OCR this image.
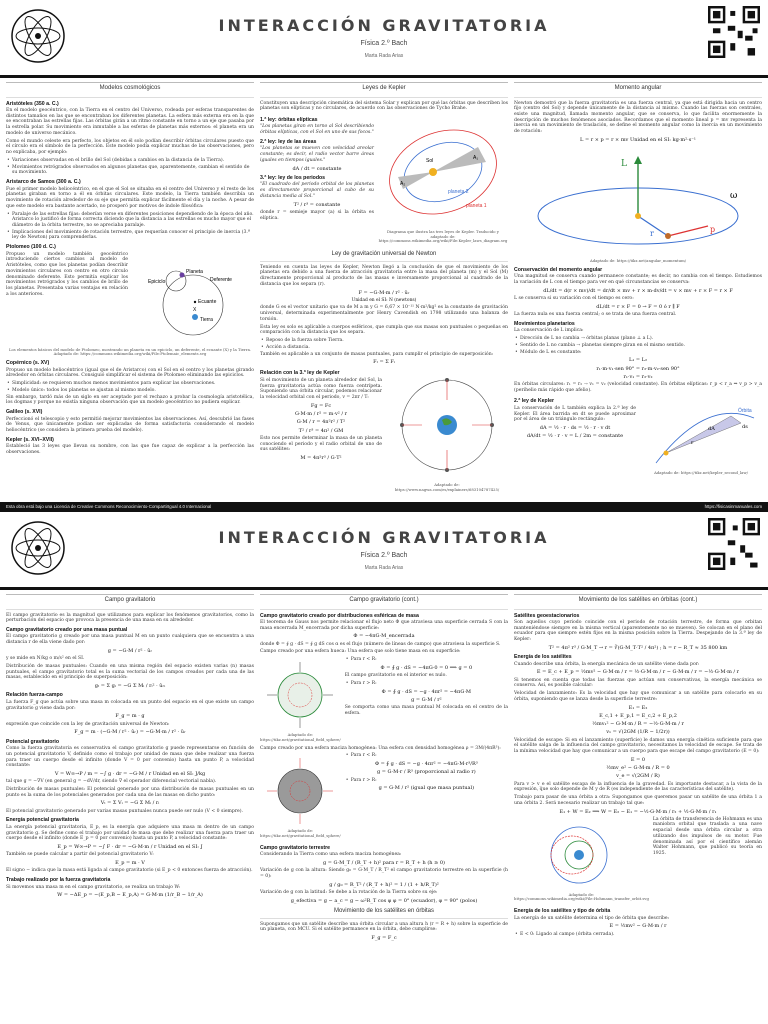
INTERACCIÓN GRAVITATORIA
Física 2.º Bach
Marta Rada Arias
Modelos cosmológicos
Aristóteles (350 a. C.)
En el modelo geocéntrico, con la Tierra en el centro del Universo, rodeada por esferas transparentes de distintos tamaños en las que se encontraban los diferentes planetas. La esfera más externa era en la que se encontraban las estrellas fijas. Las órbitas girán a un ritmo constante en torno a un eje que pasaba por la estrella polar. Su movimiento era inmutable a las esferas de planetas más externos: el planeta era un modelo de universo mecánico.
Como el mundo celeste era perfecto, los objetos en él solo podían describir órbitas circulares puesto que el círculo era el símbolo de la perfección. Este modelo podía explicar muchas de las observaciones, pero no explicaba, por ejemplo:
• Variaciones observadas en el brillo del Sol (debidas a cambios en la distancia de la Tierra).
• Movimientos retrógrados observados en algunos planetas que, aparentemente, cambian el sentido de su movimiento.
Aristarco de Samos (300 a. C.)
Fue el primer modelo heliocéntrico, en el que el Sol se situaba en el centro del Universo y el resto de los planetas giraban en torno a él en órbitas circulares. Este modelo, la Tierra también describía un movimiento de rotación alrededor de su eje que permitía explicar fácilmente el día y la noche. A pesar de que este modelo era bastante acertado, no prosperó por motivos de índole filosófica:
• Paralaje de las estrellas fijas: deberían verse en diferentes posiciones dependiendo de la época del año. Aristarco lo justificó de forma correcta diciendo que la distancia a las estrellas es mucho mayor que el diámetro de la órbita terrestre, no se apreciaba paralaje.
• Implicaciones del movimiento de rotación terrestre, que requerían conocer el principio de inercia (3.ª ley de Newton) para comprenderlas.
Ptolomeo (100 d. C.)
Propuso un modelo también geocéntrico introduciendo ciertos cambios al modelo de Aristóteles, como que los planetas podían describir movimientos circulares con centro en otro círculo denominado deferente. Esto permitía explicar los movimientos retrógrados y los cambios de brillo de los planetas. Presentaba varias ventajas en relación a los anteriores.
Planeta
Epiciclo	Deferente
Ecuante
X
Tierra
Los elementos básicos del modelo de Ptolomeo, mostrando un planeta en un epiciclo, un deferente, el ecuante (X) y la Tierra. Adaptado de: https://commons.wikimedia.org/wiki/File:Ptolemaic_elements.svg
Copérnico (s. XV)
Propuso un modelo heliocéntrico (igual que el de Aristarco) con el Sol en el centro y los planetas girando alrededor en órbitas circulares. Consiguió simplificar el sistema de Ptolomeo eliminando las epiciclos.
• Simplicidad: se requieren muchos menos movimientos para explicar las observaciones.
• Modelo único: todos los planetas se ajustan al mismo modelo.
Sin embargo, tardó más de un siglo en ser aceptado por el rechazo a probar la cosmología aristotélica, los dogmas y porque no existía ninguna observación que un modelo geocéntrico no pudiera explicar.
Galileo (s. XVI)
Perfeccionó el telescopio y esto permitió mejorar movimientos las observaciones. Así, descubrió las fases de Venus, que únicamente podían ser explicadas de forma satisfactoria considerando el modelo heliocéntrico (se considera la primera prueba del modelo).
Kepler (s. XVI–XVII)
Estableció las 3 leyes que llevan su nombre, con las que fue capaz de explicar a la perfección las observaciones.
Leyes de Kepler
Constituyen una descripción cinemática del sistema Solar y explican por qué las órbitas que describen los planetas son elípticas y no circulares, de acuerdo con las observaciones de Tycho Brahe.
1.ª ley: órbitas elípticas
"Los planetas giran en torno al Sol describiendo órbitas elípticas, con el Sol en uno de sus focos."
2.ª ley: ley de las áreas
"Los planetas se mueven con velocidad areolar constante; es decir, el radio vector barre áreas iguales en tiempos iguales."
dA / dt = constante
3.ª ley: ley de los periodos
"El cuadrado del periodo orbital de los planetas es directamente proporcional al cubo de su distancia media al Sol."
T² / r³ = constante
donde r = semieje mayor (a) si la órbita es elíptica.
Sol
planeta 1
planeta 2
A₁
A₂
Diagrama que ilustra las tres leyes de Kepler. Traducido y adaptado de: https://commons.wikimedia.org/wiki/File:Kepler_laws_diagram.svg
Ley de gravitación universal de Newton
Teniendo en cuenta las leyes de Kepler, Newton llegó a la conclusión de que el movimiento de los planetas era debido a una fuerza de atracción gravitatoria entre la masa del planeta (m) y el Sol (M) directamente proporcional al producto de las masas e inversamente proporcional al cuadrado de la distancia que los separa (r).
F = −G·M·m / r² · ûᵣ
Unidad en el SI: N (newtons)
donde G es el vector unitario que va de M a m y G = 6,67 × 10⁻¹¹ N·m²/kg² es la constante de gravitación universal, determinada experimentalmente por Henry Cavendish en 1798 utilizando una balanza de torsión.
Esta ley es solo es aplicable a cuerpos esféricos, que cumpla que sus masas son puntuales o pequeñas en comparación con la distancia que los separa.
• Reposo de la fuerza sobre Tierra.
• Acción a distancia.
También es aplicable a un conjunto de masas puntuales, para cumplir el principio de superposición:
Fₜ = Σ Fᵢ
Relación con la 3.ª ley de Kepler
Si el movimiento de un planeta alrededor del Sol, la fuerza gravitatoria actúa como fuerza centrípeta. Suponiendo una órbita circular, podemos relacionar la velocidad orbital con el periodo, v = 2πr / T:
Fg = Fc
G·M·m / r² = m·v² / r
G·M / r = 4π²r² / T²
T² / r³ = 4π² / GM
Esto nos permite determinar la masa de un planeta conociendo el periodo y el radio orbital de uno de sus satélites:
M = 4π²r³ / G·T²
Adaptado de: https://www.nagwa.com/es/explainers/683104787425/
Momento angular
Newton demostró que la fuerza gravitatoria es una fuerza central, ya que está dirigida hacia un centro fijo (centro del Sol) y depende únicamente de la distancia al mismo. Cuando las fuerzas son centrales, existe una magnitud, llamada momento angular, que se conserva, lo que facilita enormemente la descripción de muchos fenómenos asociados. Recordamos que el momento lineal p = mv representa la inercia en un movimiento de traslación, se define el momento angular como la inercia en un movimiento de rotación:
L = r × p = r × mv Unidad en el SI: kg·m²·s⁻¹
L
r	p
ω
Adaptado de: https://tikz.net/angular_momentum/
Conservación del momento angular
Una magnitud se conserva cuando permanece constante; es decir, no cambia con el tiempo. Estudiemos la variación de L con el tiempo para ver en qué circunstancias se conserva:
dL/dt = d(r × mv)/dt = dr/dt × mv + r × m·dv/dt = v × mv + r × F = r × F
L se conserva si su variación con el tiempo es cero:
dL/dt = r × F = 0 → F = 0 ó r ∥ F
La fuerza nula es una fuerza central; o se trata de una fuerza central.
Movimientos planetarios
La conservación de L implica:
• Dirección de L no cambia → órbitas planas (plano ⊥ a L).
• Sentido de L no cambia → planetas siempre giran en el mismo sentido.
• Módulo de L es constante:
L₁ = L₂
r₁·m·v₁·sen 90° = r₂·m·v₂·sen 90°
r₁·v₁ = r₂·v₂
En órbitas circulares: r₁ = r₂ → v₁ = v₂ (velocidad constante). En órbitas elípticas: r_p < r_a ⇒ v_p > v_a (perihelio más rápido que afelio).
2.ª ley de Kepler
La conservación de L también explica la 2.ª ley de Kepler. El área barrida en dt se puede aproximar por el área de un triángulo rectángulo:
dA = ½ · r · ds = ½ · r · v dt
dA/dt = ½ · r · v = L / 2m = constante
Órbita
dA	ds
r
Adaptado de: https://tikz.net/kepler_second_law/
Esta obra está bajo una Licencia de Creative Commons Reconocimiento-CompartirIgual 4.0 Internacional	https://fisicasinmanuales.com
INTERACCIÓN GRAVITATORIA
Física 2.º Bach
Marta Rada Arias
Campo gravitatorio
El campo gravitatorio es la magnitud que utilizamos para explicar los fenómenos gravitatorios, como la perturbación del espacio que provoca la presencia de una masa en su alrededor.
Campo gravitatorio creado por una masa puntual
El campo gravitatorio g creado por una masa puntual M en un punto cualquiera que se encuentra a una distancia r de ella viene dado por:
g = −G·M / r² · ûᵣ
y se mide en N/kg o m/s² en el SI.
Distribución de masas puntuales: Cuando en una misma región del espacio existen varias (n) masas puntuales, el campo gravitatorio total es la suma vectorial de los campos creados por cada una de las masas, establecido en el principio de superposición:
gₜ = Σ gᵢ = −G Σ Mᵢ / rᵢ² · ûᵣᵢ
Relación fuerza-campo
La fuerza F_g que actúa sobre una masa m colocada en un punto del espacio en el que existe un campo gravitatorio g viene dada por:
F_g = m · g
expresión que coincide con la ley de gravitación universal de Newton:
F_g = m · (−G·M / r² · ûᵣ) = −G·M·m / r² · ûᵣ
Potencial gravitatorio
Como la fuerza gravitatoria es conservativa el campo gravitatorio g puede representarse en función de un potencial gravitatorio V, definido como el trabajo por unidad de masa que debe realizar una fuerza para traer un cuerpo desde el infinito (donde V = 0 por convenio) hasta un punto P, a velocidad constante:
V = W∞→P / m = −∫ g · dr = −G·M / r Unidad en el SI: J/kg
tal que g = −∇V (en general g = −dV/dr, siendo ∇ el operador diferencial vectorial nabla).
Distribución de masas puntuales: El potencial generado por una distribución de masas puntuales en un punto es la suma de los potenciales generados por cada una de las masas en dicho punto:
Vₜ = Σ Vᵢ = −G Σ Mᵢ / rᵢ
El potencial gravitatorio generado por varias masas puntuales nunca puede ser nulo (V < 0 siempre).
Energía potencial gravitatoria
La energía potencial gravitatoria, E_p, es la energía que adquiere una masa m dentro de un campo gravitatorio g. Se define como el trabajo por unidad de masa que debe realizar una fuerza para traer un cuerpo desde el infinito (donde E_p = 0 por convenio) hasta un punto P, a velocidad constante:
E_p = W∞→P = −∫ F · dr = −G·M·m / r Unidad en el SI: J
También se puede calcular a partir del potencial gravitatorio V:
E_p = m · V
El signo − indica que la masa está ligada al campo gravitatorio (si E_p < 0 entonces fuerza de atracción).
Trabajo realizado por la fuerza gravitatoria
Si movemos una masa m en el campo gravitatorio, se realiza un trabajo W:
W = −ΔE_p = −(E_p,B − E_p,A) = G·M·m (1/r_B − 1/r_A)
Campo gravitatorio (cont.)
Campo gravitatorio creado por distribuciones esféricas de masa
El teorema de Gauss nos permite relacionar el flujo neto Φ que atraviesa una superficie cerrada S con la masa encerrada M_encerrada por dicha superficie:
Φ = −4πG·M_encerrada
donde Φ = ∮ g · dS = ∮ g dS cos α es el flujo (número de líneas de campo) que atraviesa la superficie S.
Campo creado por una esfera hueca: Una esfera que solo tiene masa en su superficie:
Adaptado de: https://tikz.net/gravitational_field_sphere/
• Para r < R:
Φ = ∮ g · dS = −4πG·0 = 0 ⟹ g = 0
El campo gravitatorio en el interior es nulo.
• Para r > R:
Φ = ∮ g · dS = −g · 4πr² = −4πG·M
g = G·M / r²
Se comporta como una masa puntual M colocada en el centro de la esfera.
Campo creado por una esfera maciza homogénea: Una esfera con densidad homogénea ρ = 3M/(4πR³):
Adaptado de: https://tikz.net/gravitational_field_sphere/
• Para r < R:
Φ = ∮ g · dS = −g · 4πr² = −4πG·M·r³/R³
g = G·M·r / R³ (proporcional al radio r)
• Para r > R:
g = G·M / r² (igual que masa puntual)
Campo gravitatorio terrestre
Considerando la Tierra como una esfera maciza homogénea:
g = G·M_T / (R_T + h)² para r = R_T + h (h ≥ 0)
Variación de g con la altura: Siendo g₀ = G·M_T / R_T² el campo gravitatorio terrestre en la superficie (h = 0):
g / g₀ = R_T² / (R_T + h)² = 1 / (1 + h/R_T)²
Variación de g con la latitud: Se debe a la rotación de la Tierra sobre su eje:
g_efectiva = g − a_c = g − ω²R_T cos φ φ = 0° (ecuador), φ = 90° (polos)
Movimiento de los satélites en órbitas
Supongamos que un satélite describe una órbita circular a una altura h (r = R + h) sobre la superficie de un planeta, con MCU. Si el satélite permanece en la órbita, debe cumplirse:
F_g = F_c
Movimiento de los satélites en órbitas (cont.)
Satélites geoestacionarios
Son aquellos cuyo periodo coincide con el periodo de rotación terrestre, de forma que orbitan manteniéndose siempre en la misma vertical (aparentemente no se mueven). Se colocan en el plano del ecuador para que siempre estén fijos en la misma posición sobre la Tierra. Despejando de la 3.ª ley de Kepler:
T² = 4π² r³ / G·M_T → r = ∛(G·M_T·T² / 4π²) ; h = r − R_T ≈ 35 800 km
Energía de los satélites
Cuando describe una órbita, la energía mecánica de un satélite viene dada por:
E = E_c + E_p = ½mv² − G·M·m / r = ½·G·M·m / r − G·M·m / r = −½·G·M·m / r
Si tenemos en cuenta que todas las fuerzas que actúan son conservativas, la energía mecánica se conserva. Así, es posible calcular:
Velocidad de lanzamiento: Es la velocidad que hay que comunicar a un satélite para colocarlo en su órbita, suponiendo que se lanza desde la superficie terrestre:
E₁ = E₂
E_c,1 + E_p,1 = E_c,2 + E_p,2
½mv₁² − G·M·m / R = −½·G·M·m / r
v₁ = √(2GM (1/R − 1/2r))
Velocidad de escape: Si en el lanzamiento (superficie) le damos una energía cinética suficiente para que el satélite salga de la influencia del campo gravitatorio, necesitamos la velocidad de escape. Se trata de la mínima velocidad que hay que comunicar a un cuerpo para que escape del campo gravitatorio (E = 0):
E = 0
½mv_e² − G·M·m / R = 0
v_e = √(2GM / R)
Para v > v_e el satélite escapa de la influencia de la gravedad. Es importante destacar, a la vista de la expresión, que solo depende de M y de R (es independiente de las características del satélite).
Trabajo para pasar de una órbita a otra: Supongamos que queremos pasar un satélite de una órbita 1 a una órbita 2. Será necesario realizar un trabajo tal que:
E₁ + W = E₂ ⟹ W = E₂ − E₁ = −½·G·M·m / r₂ + ½·G·M·m / r₁
Adaptado de: https://commons.wikimedia.org/wiki/File:Hohmann_transfer_orbit.svg
La órbita de transferencia de Hohmann es una maniobra orbital que traslada a una nave espacial desde una órbita circular a otra utilizando dos impulsos de su motor. Fue denominada así por el científico alemán Walter Hohmann, que publicó su teoría en 1925.
Energía de los satélites y tipo de órbita
La energía de un satélite determina el tipo de órbita que describe:
E = ½mv² − G·M·m / r
• E < 0: Ligado al campo (órbita cerrada).
